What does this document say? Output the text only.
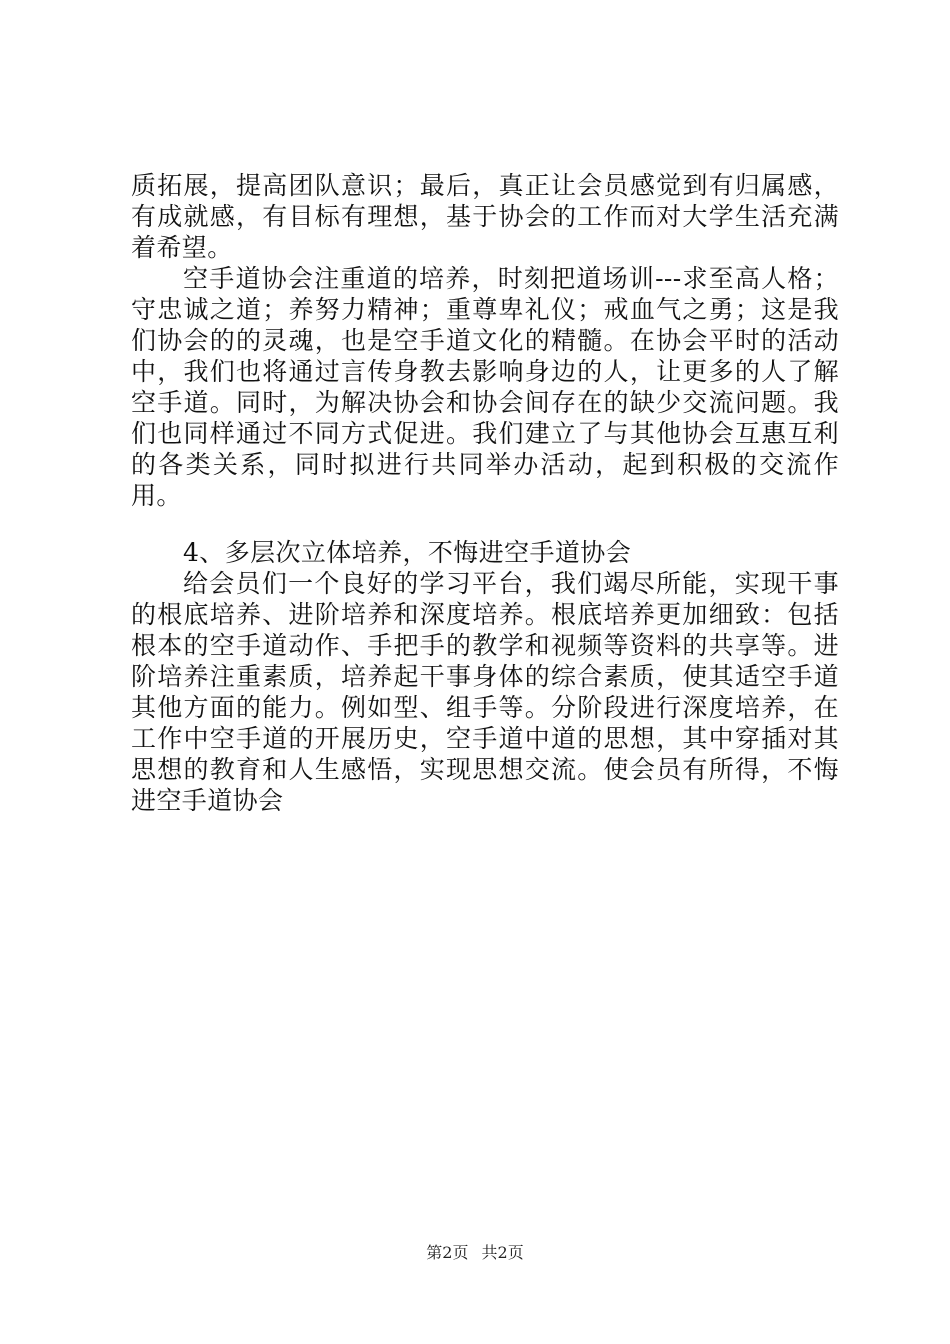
质拓展，提高团队意识；最后，真正让会员感觉到有归属感，有成就感，有目标有理想，基于协会的工作而对大学生活充满着希望。

空手道协会注重道的培养，时刻把道场训---求至高人格；守忠诚之道；养努力精神；重尊卑礼仪；戒血气之勇；这是我们协会的的灵魂，也是空手道文化的精髓。在协会平时的活动中，我们也将通过言传身教去影响身边的人，让更多的人了解空手道。同时，为解决协会和协会间存在的缺少交流问题。我们也同样通过不同方式促进。我们建立了与其他协会互惠互利的各类关系，同时拟进行共同举办活动，起到积极的交流作用。

4、多层次立体培养，不悔进空手道协会

给会员们一个良好的学习平台，我们竭尽所能，实现干事的根底培养、进阶培养和深度培养。根底培养更加细致：包括根本的空手道动作、手把手的教学和视频等资料的共享等。进阶培养注重素质，培养起干事身体的综合素质，使其适空手道其他方面的能力。例如型、组手等。分阶段进行深度培养，在工作中空手道的开展历史，空手道中道的思想，其中穿插对其思想的教育和人生感悟，实现思想交流。使会员有所得，不悔进空手道协会

第2页 共2页
